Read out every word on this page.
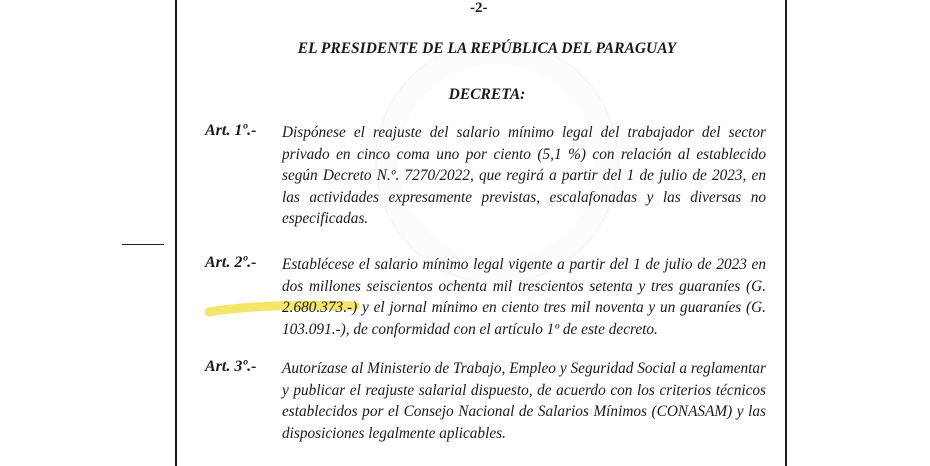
-2-
EL PRESIDENTE DE LA REPÚBLICA DEL PARAGUAY
DECRETA:
Art. 1º.- Dispónese el reajuste del salario mínimo legal del trabajador del sector privado en cinco coma uno por ciento (5,1 %) con relación al establecido según Decreto N.º. 7270/2022, que regirá a partir del 1 de julio de 2023, en las actividades expresamente previstas, escalafonadas y las diversas no especificadas.
Art. 2º.- Establécese el salario mínimo legal vigente a partir del 1 de julio de 2023 en dos millones seiscientos ochenta mil trescientos setenta y tres guaraníes (G. 2.680.373.-) y el jornal mínimo en ciento tres mil noventa y un guaraníes (G. 103.091.-), de conformidad con el artículo 1º de este decreto.
Art. 3º.- Autorízase al Ministerio de Trabajo, Empleo y Seguridad Social a reglamentar y publicar el reajuste salarial dispuesto, de acuerdo con los criterios técnicos establecidos por el Consejo Nacional de Salarios Mínimos (CONASAM) y las disposiciones legalmente aplicables.
